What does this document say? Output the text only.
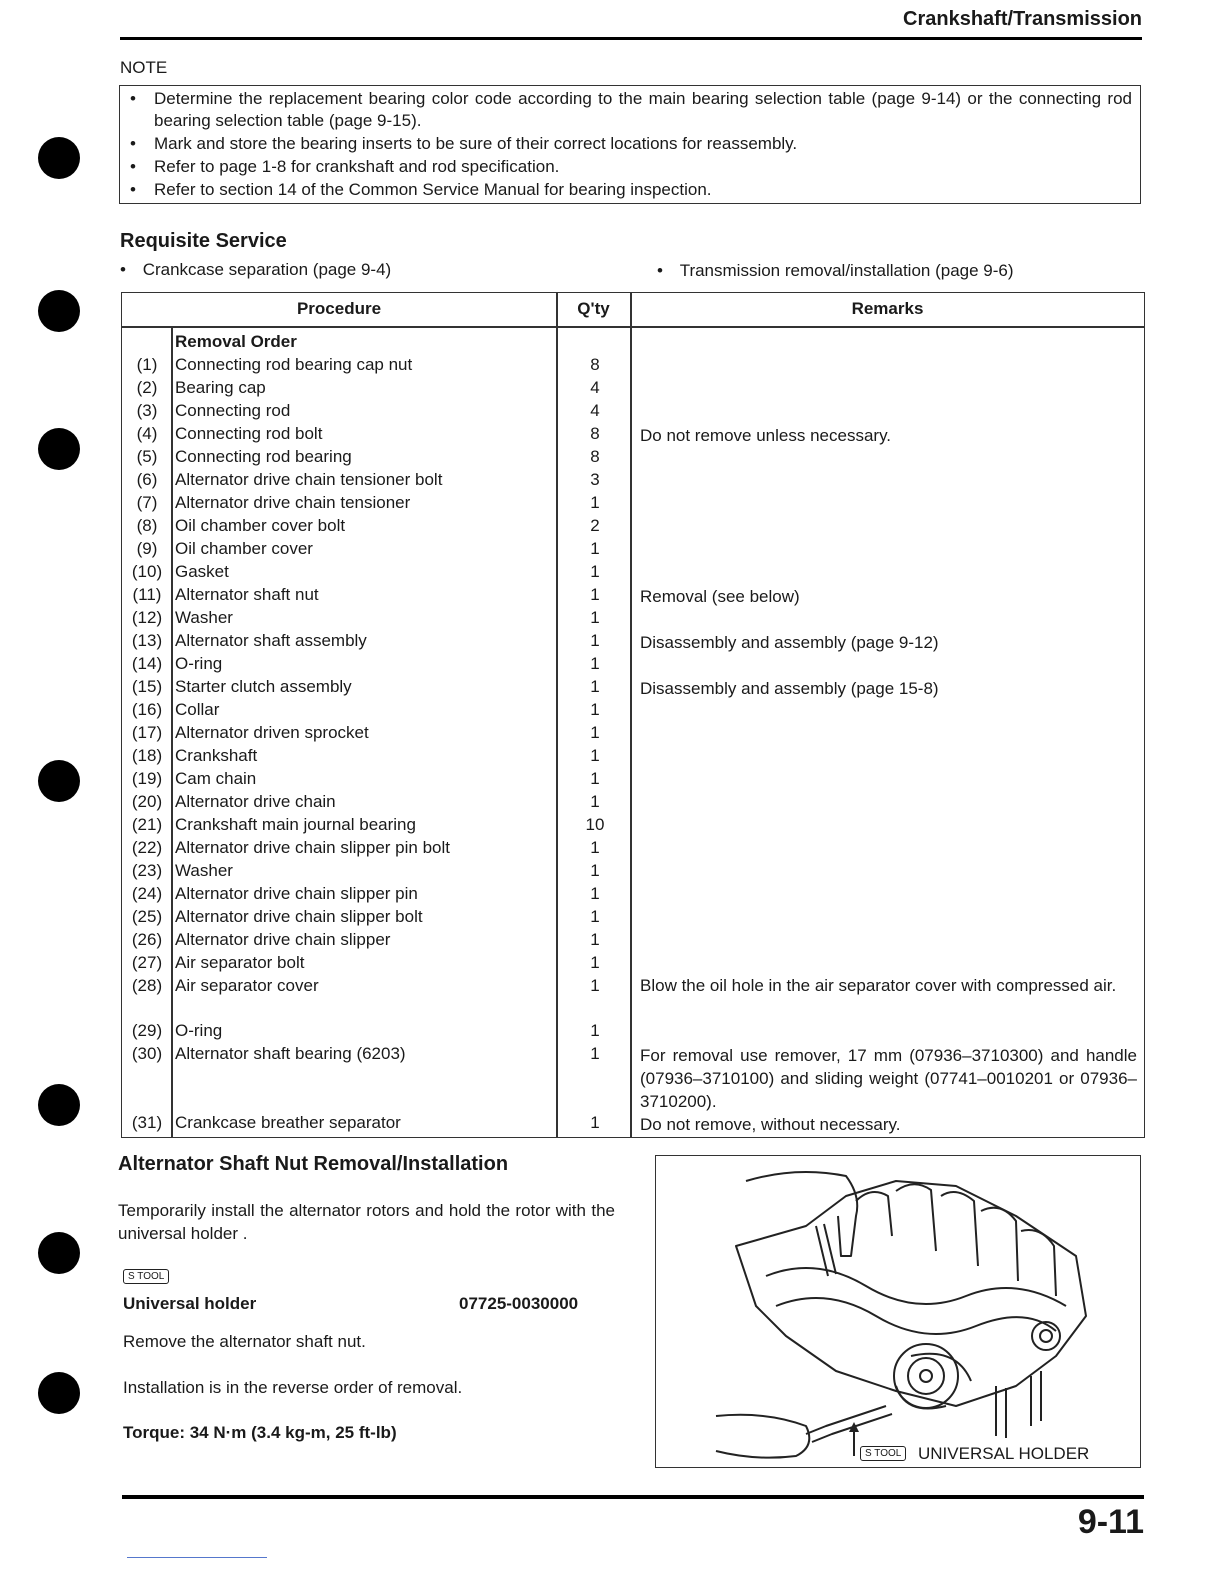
Crankshaft/Transmission
NOTE
• Determine the replacement bearing color code according to the main bearing selection table (page 9-14) or the connecting rod bearing selection table (page 9-15).
• Mark and store the bearing inserts to be sure of their correct locations for reassembly.
• Refer to page 1-8 for crankshaft and rod specification.
• Refer to section 14 of the Common Service Manual for bearing inspection.
Requisite Service
• Crankcase separation (page 9-4)	• Transmission removal/installation (page 9-6)
Procedure	Q'ty	Remarks
Removal Order
(1)	Connecting rod bearing cap nut	8
(2)	Bearing cap	4
(3)	Connecting rod	4
(4)	Connecting rod bolt	8	Do not remove unless necessary.
(5)	Connecting rod bearing	8
(6)	Alternator drive chain tensioner bolt	3
(7)	Alternator drive chain tensioner	1
(8)	Oil chamber cover bolt	2
(9)	Oil chamber cover	1
(10) Gasket	1
(11) Alternator shaft nut	1	Removal (see below)
(12) Washer	1
(13) Alternator shaft assembly	1	Disassembly and assembly (page 9-12)
(14) O-ring	1
(15) Starter clutch assembly	1	Disassembly and assembly (page 15-8)
(16) Collar	1
(17) Alternator driven sprocket	1
(18) Crankshaft	1
(19) Cam chain	1
(20) Alternator drive chain	1
(21) Crankshaft main journal bearing	10
(22) Alternator drive chain slipper pin bolt	1
(23) Washer	1
(24) Alternator drive chain slipper pin	1
(25) Alternator drive chain slipper bolt	1
(26) Alternator drive chain slipper	1
(27) Air separator bolt	1
(28) Air separator cover	1	Blow the oil hole in the air separator cover with compressed air.
(29) O-ring	1
(30) Alternator shaft bearing (6203)	1	For removal use remover, 17 mm (07936–3710300) and handle (07936–3710100) and sliding weight (07741–0010201 or 07936–3710200).
(31) Crankcase breather separator	1	Do not remove, without necessary.
Alternator Shaft Nut Removal/Installation
Temporarily install the alternator rotors and hold the rotor with the universal holder .
S TOOL
Universal holder	07725-0030000
Remove the alternator shaft nut.
Installation is in the reverse order of removal.
Torque: 34 N·m (3.4 kg-m, 25 ft-lb)
S TOOL UNIVERSAL HOLDER
9-11
